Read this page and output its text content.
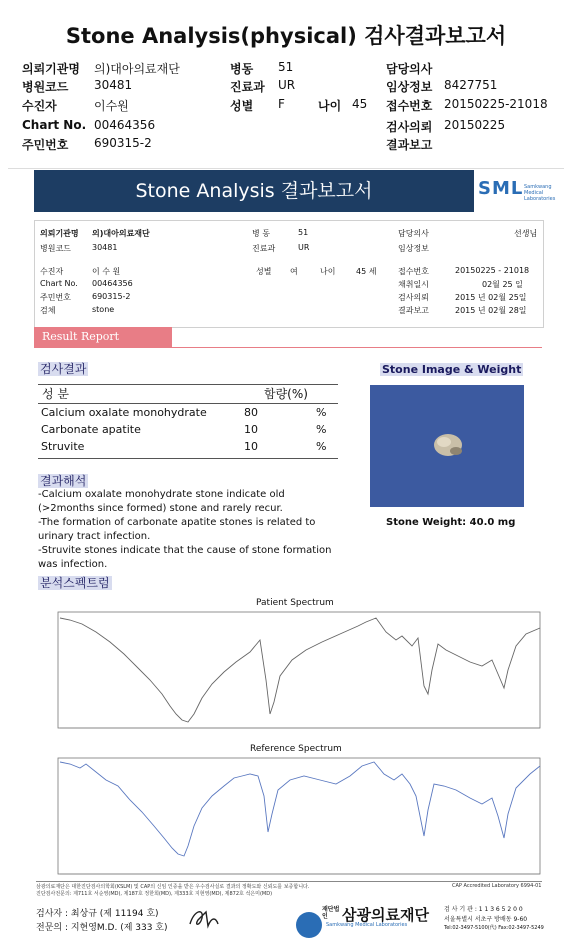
Stone Analysis(physical) 검사결과보고서
의뢰기관명 의)대아의료재단	병동 51	담당의사
병원코드 30481	진료과 UR	임상정보 8427751
수진자	이수원	성별 F	나이 45 접수번호 20150225-21018
Chart No. 00464356	검사의뢰 20150225
주민번호 690315-2	결과보고
Stone Analysis 결과보고서	SML Samkwang Medical Laboratories
의뢰기관명 의)대아의료재단	병 동	51	담당의사	선생님
병원코드	30481	진료과	UR	임상정보
수진자	이 수 원	성별 여	나이	45 세	접수번호	20150225 - 21018
Chart No. 00464356	채취일시	02월 25 일
주민번호	690315-2	검사의뢰	2015 년 02월 25일
검체	stone	결과보고	2015 년 02월 28일
Result Report
검사결과	Stone Image & Weight
성 분	함량(%)
Calcium oxalate monohydrate	80	%
Carbonate apatite	10	%
Struvite	10	%
Stone Weight: 40.0 mg
결과해석
-Calcium oxalate monohydrate stone indicate old
(>2months since formed) stone and rarely recur.
-The formation of carbonate apatite stones is related to
urinary tract infection.
-Struvite stones indicate that the cause of stone formation
was infection.
분석스펙트럼
Patient Spectrum
Reference Spectrum
삼광의료재단은 대한진단검사의학회(KSLM) 및 CAP의 신임 인증을 받은 우수검사실로 결과의 정확도와 신뢰도를 보증합니다.
진단검사전문의: 제711호 서순영(MD), 제187호 정한희(MD), 제333호 지현영(MD), 제872호 석은미(MD)
CAP Accredited Laboratory 6994-01
검사자 : 최상규 (제 11194 호)
전문의 : 지현영M.D. (제 333 호)
재단법인 삼광의료재단
Samkwang Medical Laboratories
검 사 기 관 : 1 1 3 6 5 2 0 0
서울특별시 서초구 방배동 9-60
Tel:02-3497-5100(代) Fax:02-3497-5249
